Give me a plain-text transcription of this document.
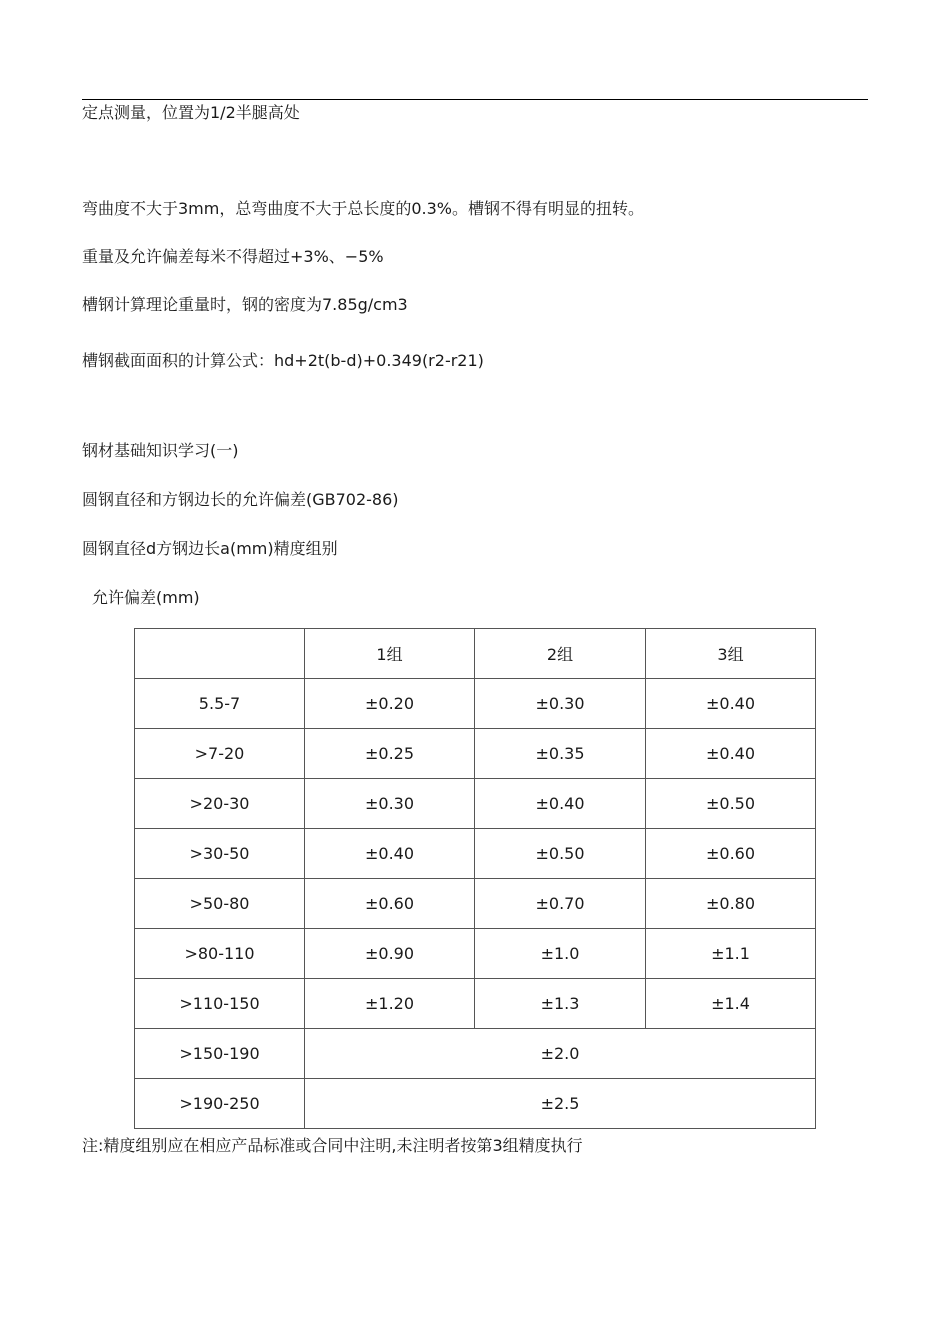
定点测量，位置为1/2半腿高处
弯曲度不大于3mm，总弯曲度不大于总长度的0.3%。槽钢不得有明显的扭转。
重量及允许偏差每米不得超过+3%、−5%
槽钢计算理论重量时，钢的密度为7.85g/cm3
槽钢截面面积的计算公式：hd+2t(b-d)+0.349(r2-r21)
钢材基础知识学习(一)
圆钢直径和方钢边长的允许偏差(GB702-86)
圆钢直径d方钢边长a(mm)精度组别
允许偏差(mm)
	1组	2组	3组
5.5-7	±0.20	±0.30	±0.40
>7-20	±0.25	±0.35	±0.40
>20-30	±0.30	±0.40	±0.50
>30-50	±0.40	±0.50	±0.60
>50-80	±0.60	±0.70	±0.80
>80-110	±0.90	±1.0	±1.1
>110-150	±1.20	±1.3	±1.4
>150-190	±2.0		
>190-250	±2.5		
注:精度组别应在相应产品标准或合同中注明,未注明者按第3组精度执行
